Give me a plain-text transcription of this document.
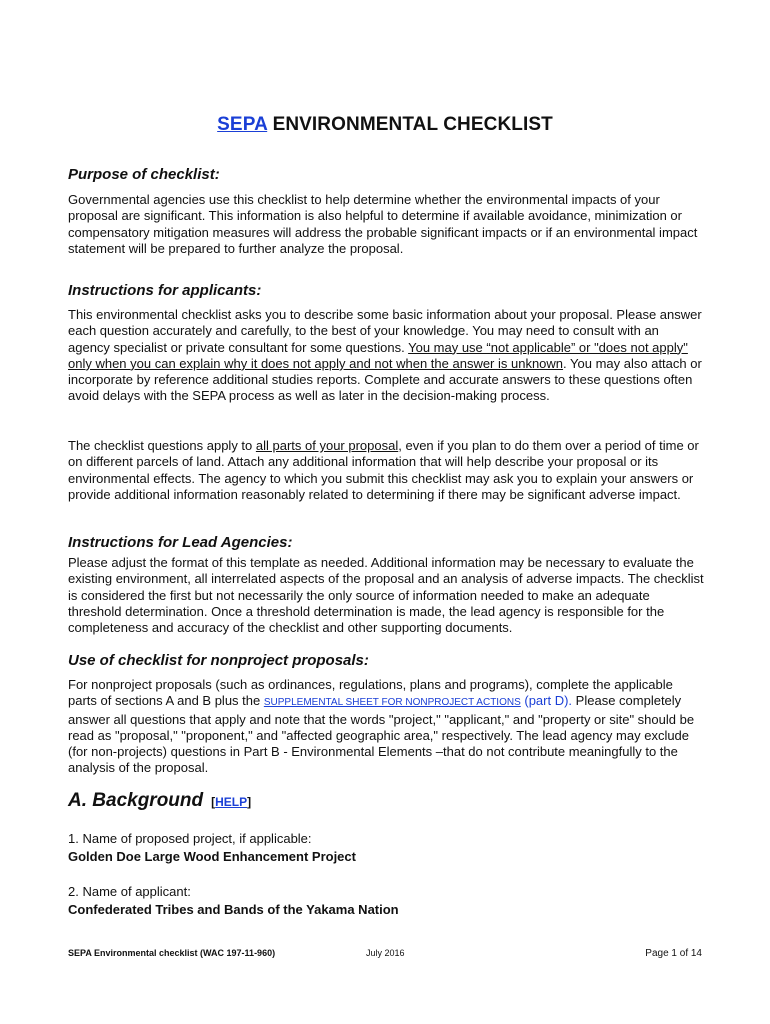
SEPA ENVIRONMENTAL CHECKLIST
Purpose of checklist:

Governmental agencies use this checklist to help determine whether the environmental impacts of your proposal are significant. This information is also helpful to determine if available avoidance, minimization or compensatory mitigation measures will address the probable significant impacts or if an environmental impact statement will be prepared to further analyze the proposal.

Instructions for applicants:

This environmental checklist asks you to describe some basic information about your proposal. Please answer each question accurately and carefully, to the best of your knowledge. You may need to consult with an agency specialist or private consultant for some questions. You may use “not applicable” or "does not apply" only when you can explain why it does not apply and not when the answer is unknown. You may also attach or incorporate by reference additional studies reports. Complete and accurate answers to these questions often avoid delays with the SEPA process as well as later in the decision-making process.

The checklist questions apply to all parts of your proposal, even if you plan to do them over a period of time or on different parcels of land. Attach any additional information that will help describe your proposal or its environmental effects. The agency to which you submit this checklist may ask you to explain your answers or provide additional information reasonably related to determining if there may be significant adverse impact.

Instructions for Lead Agencies:

Please adjust the format of this template as needed. Additional information may be necessary to evaluate the existing environment, all interrelated aspects of the proposal and an analysis of adverse impacts. The checklist is considered the first but not necessarily the only source of information needed to make an adequate threshold determination. Once a threshold determination is made, the lead agency is responsible for the completeness and accuracy of the checklist and other supporting documents.

Use of checklist for nonproject proposals:

For nonproject proposals (such as ordinances, regulations, plans and programs), complete the applicable parts of sections A and B plus the SUPPLEMENTAL SHEET FOR NONPROJECT ACTIONS (part D). Please completely answer all questions that apply and note that the words "project," "applicant," and "property or site" should be read as "proposal," "proponent," and "affected geographic area," respectively. The lead agency may exclude (for non-projects) questions in Part B - Environmental Elements –that do not contribute meaningfully to the analysis of the proposal.

A. Background [HELP]
1. Name of proposed project, if applicable:
Golden Doe Large Wood Enhancement Project
2. Name of applicant:
Confederated Tribes and Bands of the Yakama Nation
SEPA Environmental checklist (WAC 197-11-960)	July 2016	Page 1 of 14
